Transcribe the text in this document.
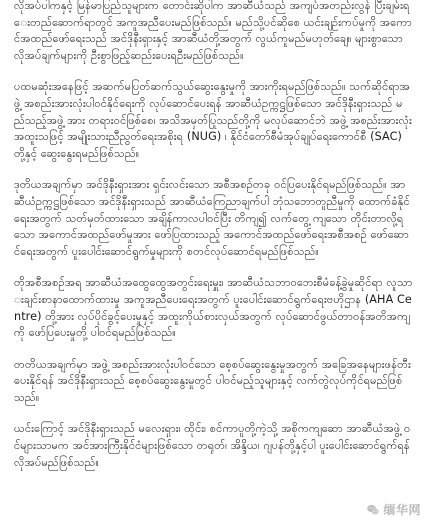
လိုအပ်ပါကနှင့် မြန်မာပြည်သူများက တောင်းဆိုပါက အာဆီယံသည် အကျပ်အတည်းလွန် ပြီးချမ်းရေးတည်ဆောက်ရာတွင် အကူအညီပေးမည်ဖြစ်သည်။ မည်သို့ပင်ဆိုစေ ယင်းချဉ်းကပ်မှုကို အကောင်အထည်ဖော်ရေးသည် အင်ဒိုနီးရှားနှင့် အာဆီယံတို့အတွက် လွယ်ကူမည်မဟုတ်ချေ။ များစွာသော လိုအပ်ချက်များကို ဦးစွာဖြည့်ဆည်းပေးရဦးမည်ဖြစ်သည်။

ပထမဆုံးအနေဖြင့် အဆက်မပြတ်ဆက်သွယ်ဆွေးနွေးမှုကို အားကိုးရမည်ဖြစ်သည်။ သက်ဆိုင်ရာအဖွဲ့ အစည်းအားလုံးပါဝင်နိုင်ရေးကို လုပ်ဆောင်ပေးရန် အာဆီယံဥက္ကဋ္ဌဖြစ်သော အင်ဒိုနီးရှားသည် မည်သည့်အဖွဲ့ အား တရားဝင်ဖြစ်စေ၊ အသိအမှတ်ပြုသည်တို့ကို မလုပ်ဆောင်ဘဲ အဖွဲ့ အစည်းအားလုံး အထူးသဖြင့် အမျိုးသားညီညွတ်ရေးအစိုးရ (NUG) ၊ နိုင်ငံတော်စီမံအုပ်ချုပ်ရေးကောင်စီ (SAC) တို့နှင့် ဆွေးနွေးရမည်ဖြစ်သည်။

ဒုတိယအချက်မှာ အင်ဒိုနီးရှားအား ရှင်းလင်းသော အစီအစဉ်တခု ဝင်ပြပေးနိုင်ရမည်ဖြစ်သည်။ အာဆီယံဥက္ကဋ္ဌဖြစ်သော အင်ဒိုနီးရှားသည် အာဆီယံကြေညာချက်ပါ ဘုံသဘောတူညီမှုကို ထောက်ခံနိုင်ရေးအတွက် သတ်မှတ်ထားသော အချိန်ကာလပါဝင်ပြီး တိကျ၍ လက်တွေ့ ကျသော တိုင်းတာလို့ရသော အကောင်အထည်ဖော်မှုအား ဖော်ပြထားသည့် အကောင်အထည်ဖော်ရေးအစီအစဉ် ဖော်ဆောင်ရေးအတွက် ပူးပေါင်းဆောင်ရွက်မှုများကို စတင်လုပ်ဆောင်ရမည်ဖြစ်သည်။

တိုအစီအစဉ်အရ အာဆီယံအထွေထွေအတွင်းရေးမှူး၊ အာဆီယံသဘာဝဘေးစီမံခန့်ခွဲမှုဆိုင်ရာ လူသားချင်းစာနာထောက်ထားမှု အကူအညီပေးရေးအတွက် ပူးပေါင်းဆောင်ရွက်ရေးဗဟိုဌာန (AHA Centre) တို့အား လုပ်ပိုင်ခွင့်ပေးမှုနှင့် အထူးကိုယ်စားလှယ်အတွက် လုပ်ဆောင်ဖွယ်တာဝန်အတိအကျကို ဖော်ပြပေးမှုတို့ ပါဝင်ရမည်ဖြစ်သည်။

တတိယအချက်မှာ အဖွဲ့ အစည်းအားလုံးပါဝင်သော စေ့စပ်ဆွေးနွေးမှုအတွက် အခြေအနေများဖန်တီးပေးနိုင်ရန် အင်ဒိုနီးရှားသည် စေ့စပ်ဆွေးနွေးမှုတွင် ပါဝင်မည့်သူများနှင့် လက်တွဲလုပ်ကိုင်ရမည်ဖြစ်သည်။

ယင်းကြောင့် အင်ဒိုနီးရှားသည် မလေးရှား၊ ထိုင်း၊ စင်ကာပူတို့ကဲ့သို့ အစိုကကျဆော အာဆီယံအဖွဲ့ ဝင်များသာမက အင်အားကြီးနိုင်ငံများဖြစ်သော တရုတ်၊ အိန္ဒိယ၊ ဂျပန်တို့နှင့်ပါ ပူးပေါင်းဆောင်ရွက်ရန် လိုအပ်မည်ဖြစ်သည်။

缅华网
